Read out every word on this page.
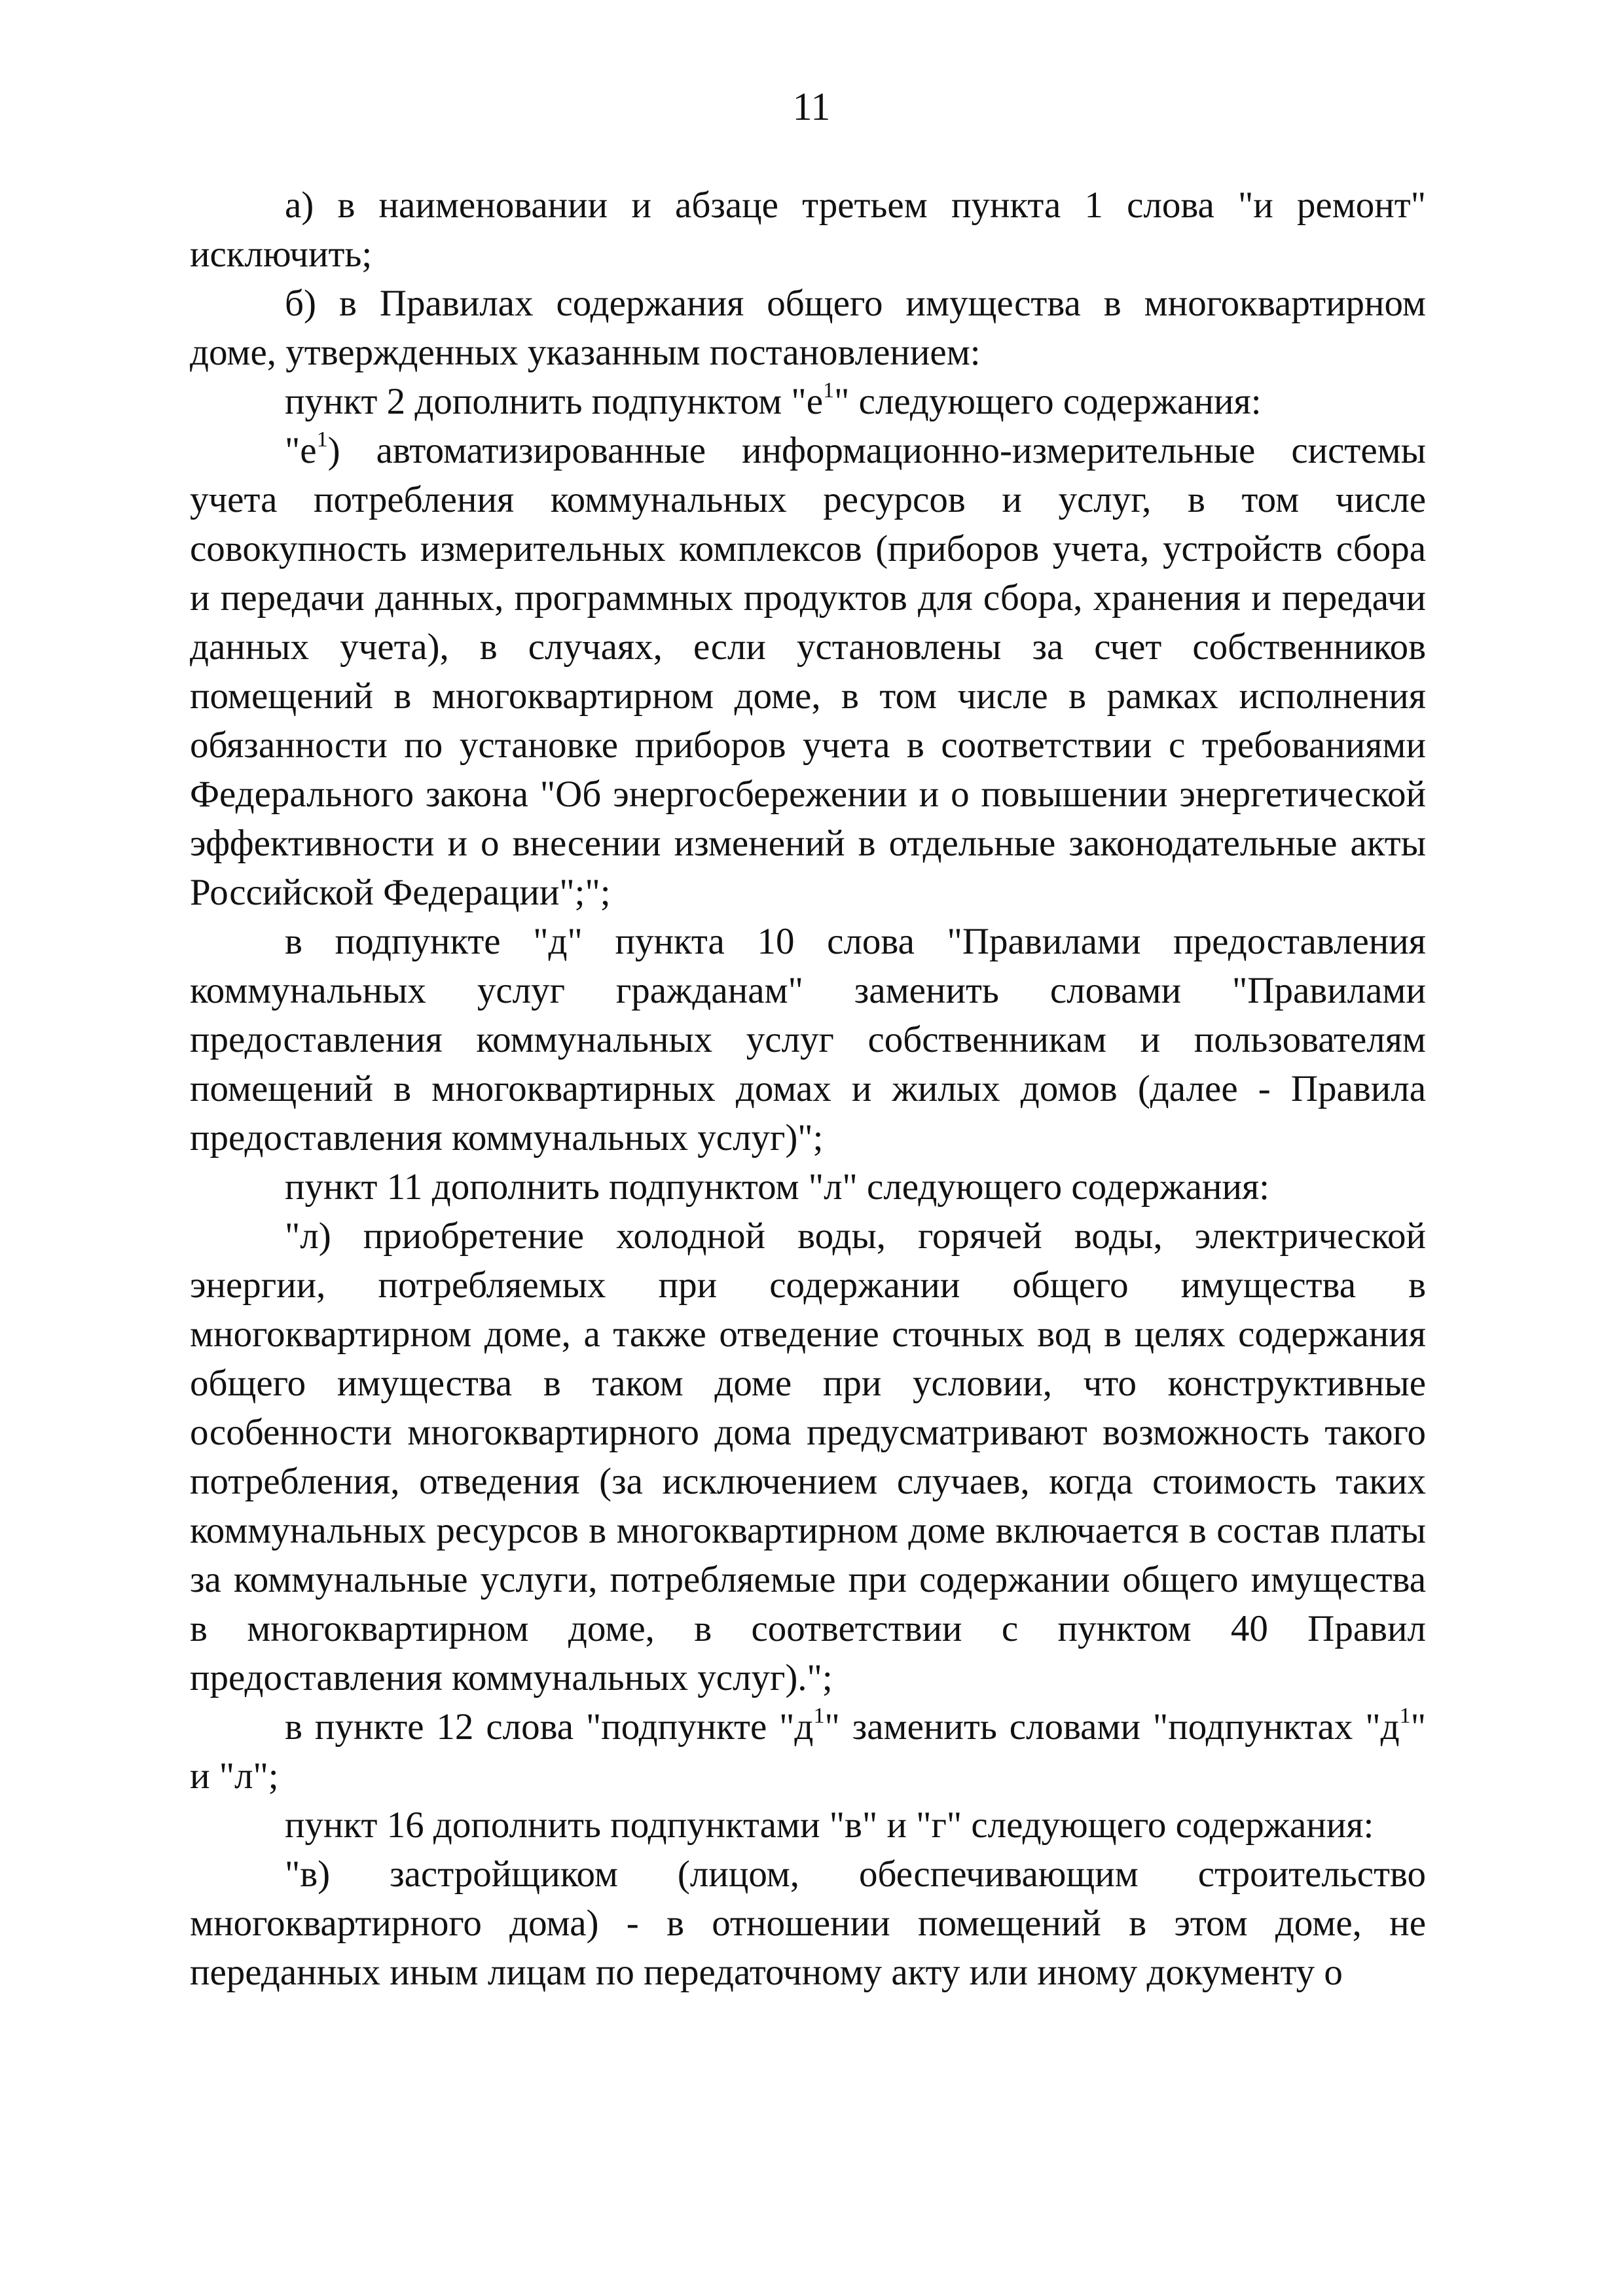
11

а) в наименовании и абзаце третьем пункта 1 слова "и ремонт" исключить;

б) в Правилах содержания общего имущества в многоквартирном доме, утвержденных указанным постановлением:

пункт 2 дополнить подпунктом "$е^1$" следующего содержания:

"$е^1$) автоматизированные информационно-измерительные системы учета потребления коммунальных ресурсов и услуг, в том числе совокупность измерительных комплексов (приборов учета, устройств сбора и передачи данных, программных продуктов для сбора, хранения и передачи данных учета), в случаях, если установлены за счет собственников помещений в многоквартирном доме, в том числе в рамках исполнения обязанности по установке приборов учета в соответствии с требованиями Федерального закона "Об энергосбережении и о повышении энергетической эффективности и о внесении изменений в отдельные законодательные акты Российской Федерации";";

в подпункте "д" пункта 10 слова "Правилами предоставления коммунальных услуг гражданам" заменить словами "Правилами предоставления коммунальных услуг собственникам и пользователям помещений в многоквартирных домах и жилых домов (далее - Правила предоставления коммунальных услуг)";

пункт 11 дополнить подпунктом "л" следующего содержания:

"л) приобретение холодной воды, горячей воды, электрической энергии, потребляемых при содержании общего имущества в многоквартирном доме, а также отведение сточных вод в целях содержания общего имущества в таком доме при условии, что конструктивные особенности многоквартирного дома предусматривают возможность такого потребления, отведения (за исключением случаев, когда стоимость таких коммунальных ресурсов в многоквартирном доме включается в состав платы за коммунальные услуги, потребляемые при содержании общего имущества в многоквартирном доме, в соответствии с пунктом 40 Правил предоставления коммунальных услуг).";

в пункте 12 слова "подпункте "$д^1$" заменить словами "подпунктах "$д^1$" и "л";

пункт 16 дополнить подпунктами "в" и "г" следующего содержания:

"в) застройщиком (лицом, обеспечивающим строительство многоквартирного дома) - в отношении помещений в этом доме, не переданных иным лицам по передаточному акту или иному документу о
